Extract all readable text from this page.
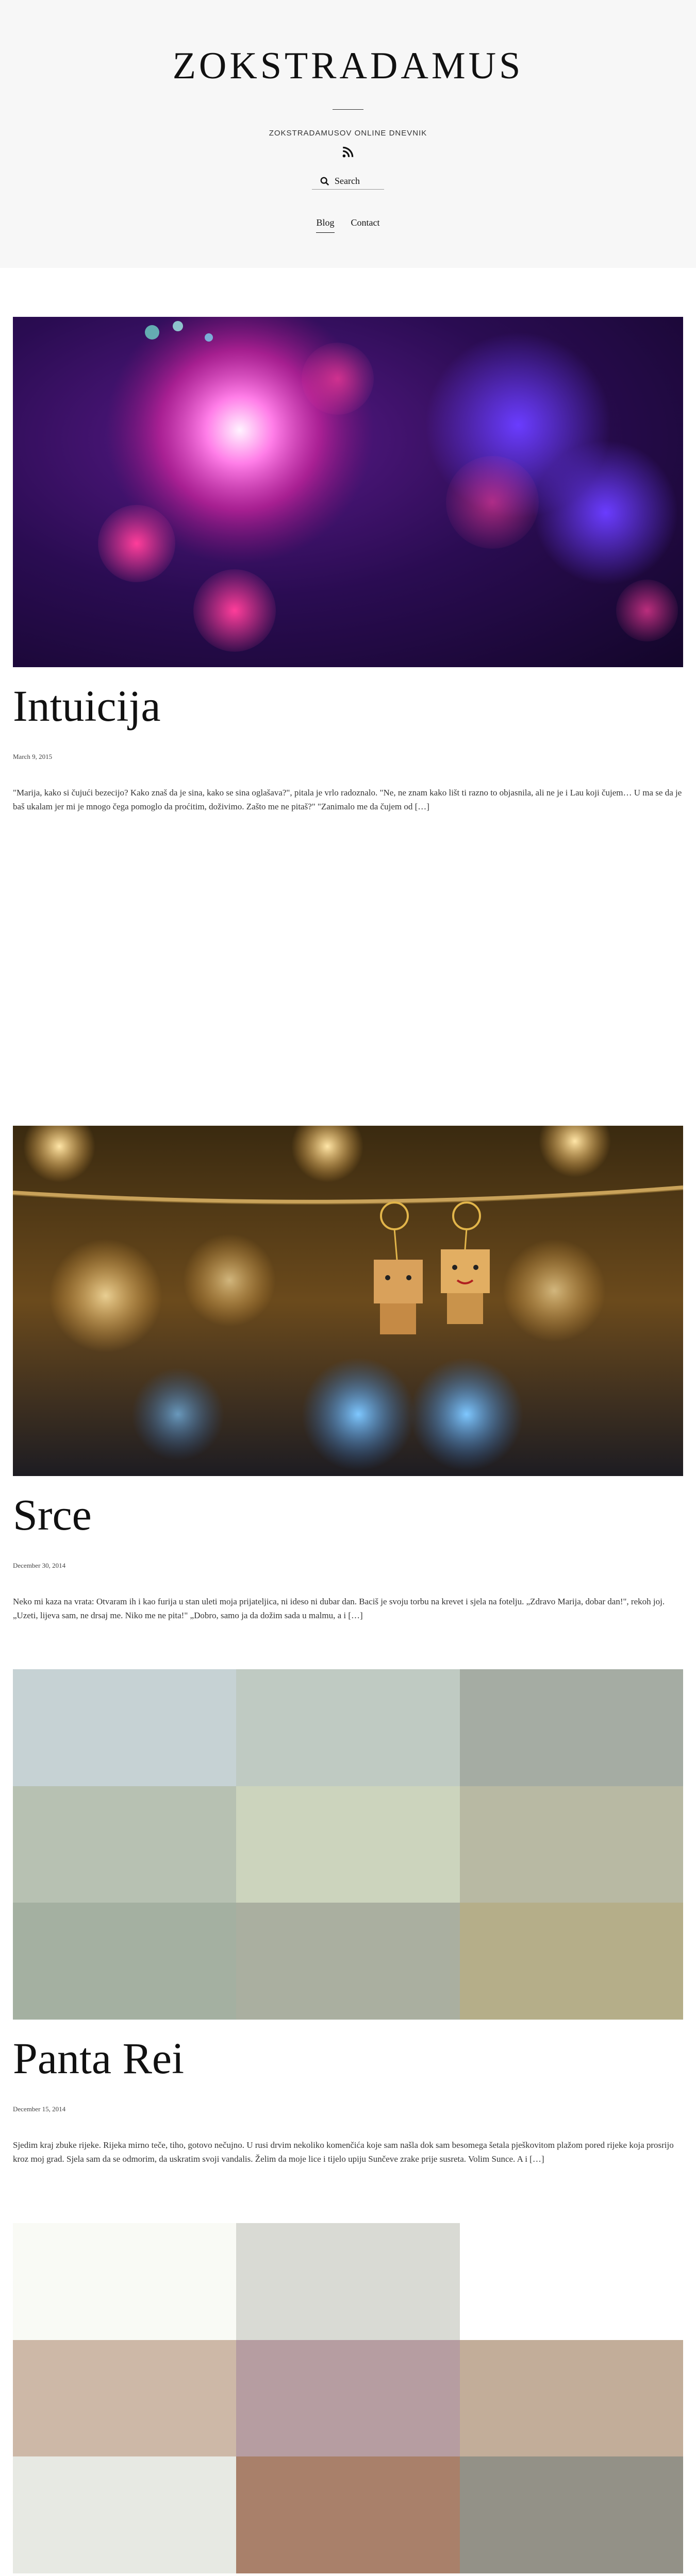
ZOKSTRADAMUS
ZOKSTRADAMUSOV ONLINE DNEVNIK
Search
Blog Contact
Intuicija
March 9, 2015

"Marija, kako si čujući bezecijo? Kako znaš da je sina, kako se sina oglašava?", pitala je vrlo radoznalo. "Ne, ne znam kako lišt ti razno to objasnila, ali ne je i Lau koji čujem… U ma se da je baš ukalam jer mi je mnogo čega pomoglo da proćitim, doživimo. Zašto me ne pitaš?" "Zanimalo me da čujem od […]

Srce
December 30, 2014

Neko mi kaza na vrata: Otvaram ih i kao furija u stan uleti moja prijateljica, ni ideso ni dubar dan. Baciš je svoju torbu na krevet i sjela na fotelju. „Zdravo Marija, dobar dan!", rekoh joj. „Uzeti, lijeva sam, ne drsaj me. Niko me ne pita!" „Dobro, samo ja da dožim sada u malmu, a i […]

Panta Rei
December 15, 2014

Sjedim kraj zbuke rijeke. Rijeka mirno teče, tiho, gotovo nečujno. U rusi drvim nekoliko komenčića koje sam našla dok sam besomega šetala pješkovitom plažom pored rijeke koja prosrijo kroz moj grad. Sjela sam da se odmorim, da uskratim svoji vandalis. Želim da moje lice i tijelo upiju Sunčeve zrake prije susreta. Volim Sunce. A i […]
